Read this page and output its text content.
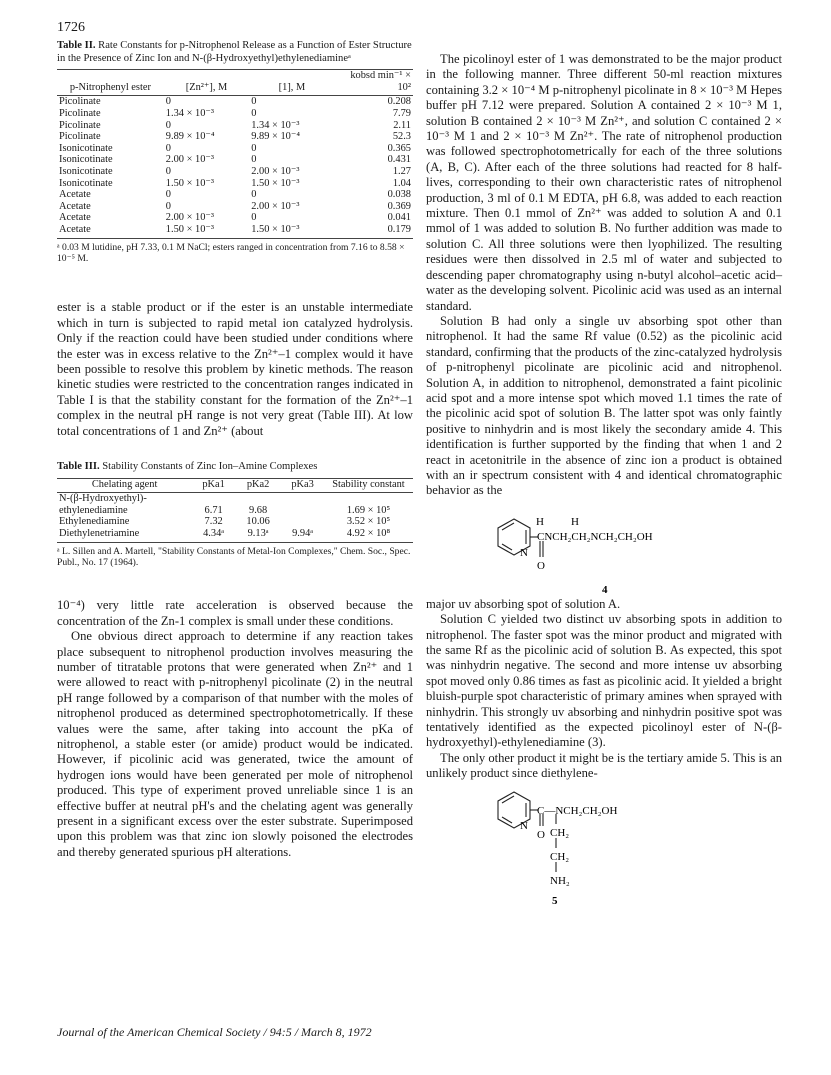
1726
Table II. Rate Constants for p-Nitrophenol Release as a Function of Ester Structure in the Presence of Zinc Ion and N-(β-Hydroxyethyl)ethylenediamineᵃ
p-Nitrophenyl ester	[Zn²⁺], M	[1], M	kobsd min⁻¹ × 10²
Picolinate	0	0	0.208
Picolinate	1.34 × 10⁻³	0	7.79
Picolinate	0	1.34 × 10⁻³	2.11
Picolinate	9.89 × 10⁻⁴	9.89 × 10⁻⁴	52.3
Isonicotinate	0	0	0.365
Isonicotinate	2.00 × 10⁻³	0	0.431
Isonicotinate	0	2.00 × 10⁻³	1.27
Isonicotinate	1.50 × 10⁻³	1.50 × 10⁻³	1.04
Acetate	0	0	0.038
Acetate	0	2.00 × 10⁻³	0.369
Acetate	2.00 × 10⁻³	0	0.041
Acetate	1.50 × 10⁻³	1.50 × 10⁻³	0.179
ᵃ 0.03 M lutidine, pH 7.33, 0.1 M NaCl; esters ranged in concentration from 7.16 to 8.58 × 10⁻⁵ M.

ester is a stable product or if the ester is an unstable intermediate which in turn is subjected to rapid metal ion catalyzed hydrolysis. Only if the reaction could have been studied under conditions where the ester was in excess relative to the Zn²⁺–1 complex would it have been possible to resolve this problem by kinetic methods. The reason kinetic studies were restricted to the concentration ranges indicated in Table I is that the stability constant for the formation of the Zn²⁺–1 complex in the neutral pH range is not very great (Table III). At low total concentrations of 1 and Zn²⁺ (about

Table III. Stability Constants of Zinc Ion–Amine Complexes
Chelating agent	pKa1	pKa2	pKa3	Stability constant
N-(β-Hydroxyethyl)-ethylenediamine	6.71	9.68		1.69 × 10⁵
Ethylenediamine	7.32	10.06		3.52 × 10⁵
Diethylenetriamine	4.34ᵃ	9.13ᵃ	9.94ᵃ	4.92 × 10⁸
ᵃ L. Sillen and A. Martell, "Stability Constants of Metal-Ion Complexes," Chem. Soc., Spec. Publ., No. 17 (1964).

10⁻⁴) very little rate acceleration is observed because the concentration of the Zn-1 complex is small under these conditions.

One obvious direct approach to determine if any reaction takes place subsequent to nitrophenol production involves measuring the number of titratable protons that were generated when Zn²⁺ and 1 were allowed to react with p-nitrophenyl picolinate (2) in the neutral pH range followed by a comparison of that number with the moles of nitrophenol produced as determined spectrophotometrically. If these values were the same, after taking into account the pKa of nitrophenol, a stable ester (or amide) product would be indicated. However, if picolinic acid was generated, twice the amount of hydrogen ions would have been generated per mole of nitrophenol produced. This type of experiment proved unreliable since 1 is an effective buffer at neutral pH's and the chelating agent was generally present in a significant excess over the ester substrate. Superimposed upon this problem was that zinc ion slowly poisoned the electrodes and thereby generated spurious pH alterations.

The picolinoyl ester of 1 was demonstrated to be the major product in the following manner. Three different 50-ml reaction mixtures containing 3.2 × 10⁻⁴ M p-nitrophenyl picolinate in 8 × 10⁻³ M Hepes buffer pH 7.12 were prepared. Solution A contained 2 × 10⁻³ M 1, solution B contained 2 × 10⁻³ M Zn²⁺, and solution C contained 2 × 10⁻³ M 1 and 2 × 10⁻³ M Zn²⁺. The rate of nitrophenol production was followed spectrophotometrically for each of the three solutions (A, B, C). After each of the three solutions had reacted for 8 half-lives, corresponding to their own characteristic rates of nitrophenol production, 3 ml of 0.1 M EDTA, pH 6.8, was added to each reaction mixture. Then 0.1 mmol of Zn²⁺ was added to solution A and 0.1 mmol of 1 was added to solution B. No further addition was made to solution C. All three solutions were then lyophilized. The resulting residues were then dissolved in 2.5 ml of water and subjected to descending paper chromatography using n-butyl alcohol–acetic acid–water as the developing solvent. Picolinic acid was used as an internal standard.

Solution B had only a single uv absorbing spot other than nitrophenol. It had the same Rf value (0.52) as the picolinic acid standard, confirming that the products of the zinc-catalyzed hydrolysis of p-nitrophenyl picolinate are picolinic acid and nitrophenol. Solution A, in addition to nitrophenol, demonstrated a faint picolinic acid spot and a more intense spot which moved 1.1 times the rate of the picolinic acid spot of solution B. The latter spot was only faintly positive to ninhydrin and is most likely the secondary amide 4. This identification is further supported by the finding that when 1 and 2 react in acetonitrile in the absence of zinc ion a product is obtained with an ir spectrum consistent with 4 and identical chromatographic behavior as the

H H
CNCH₂CH₂NCH₂CH₂OH
N
O
4

major uv absorbing spot of solution A.

Solution C yielded two distinct uv absorbing spots in addition to nitrophenol. The faster spot was the minor product and migrated with the same Rf as the picolinic acid of solution B. As expected, this spot was ninhydrin negative. The second and more intense uv absorbing spot moved only 0.86 times as fast as picolinic acid. It yielded a bright bluish-purple spot characteristic of primary amines when sprayed with ninhydrin. This strongly uv absorbing and ninhydrin positive spot was tentatively identified as the expected picolinoyl ester of N-(β-hydroxyethyl)-ethylenediamine (3).

The only other product it might be is the tertiary amide 5. This is an unlikely product since diethylene-

C—NCH₂CH₂OH
N
O CH₂
CH₂
NH₂
5
Journal of the American Chemical Society / 94:5 / March 8, 1972
